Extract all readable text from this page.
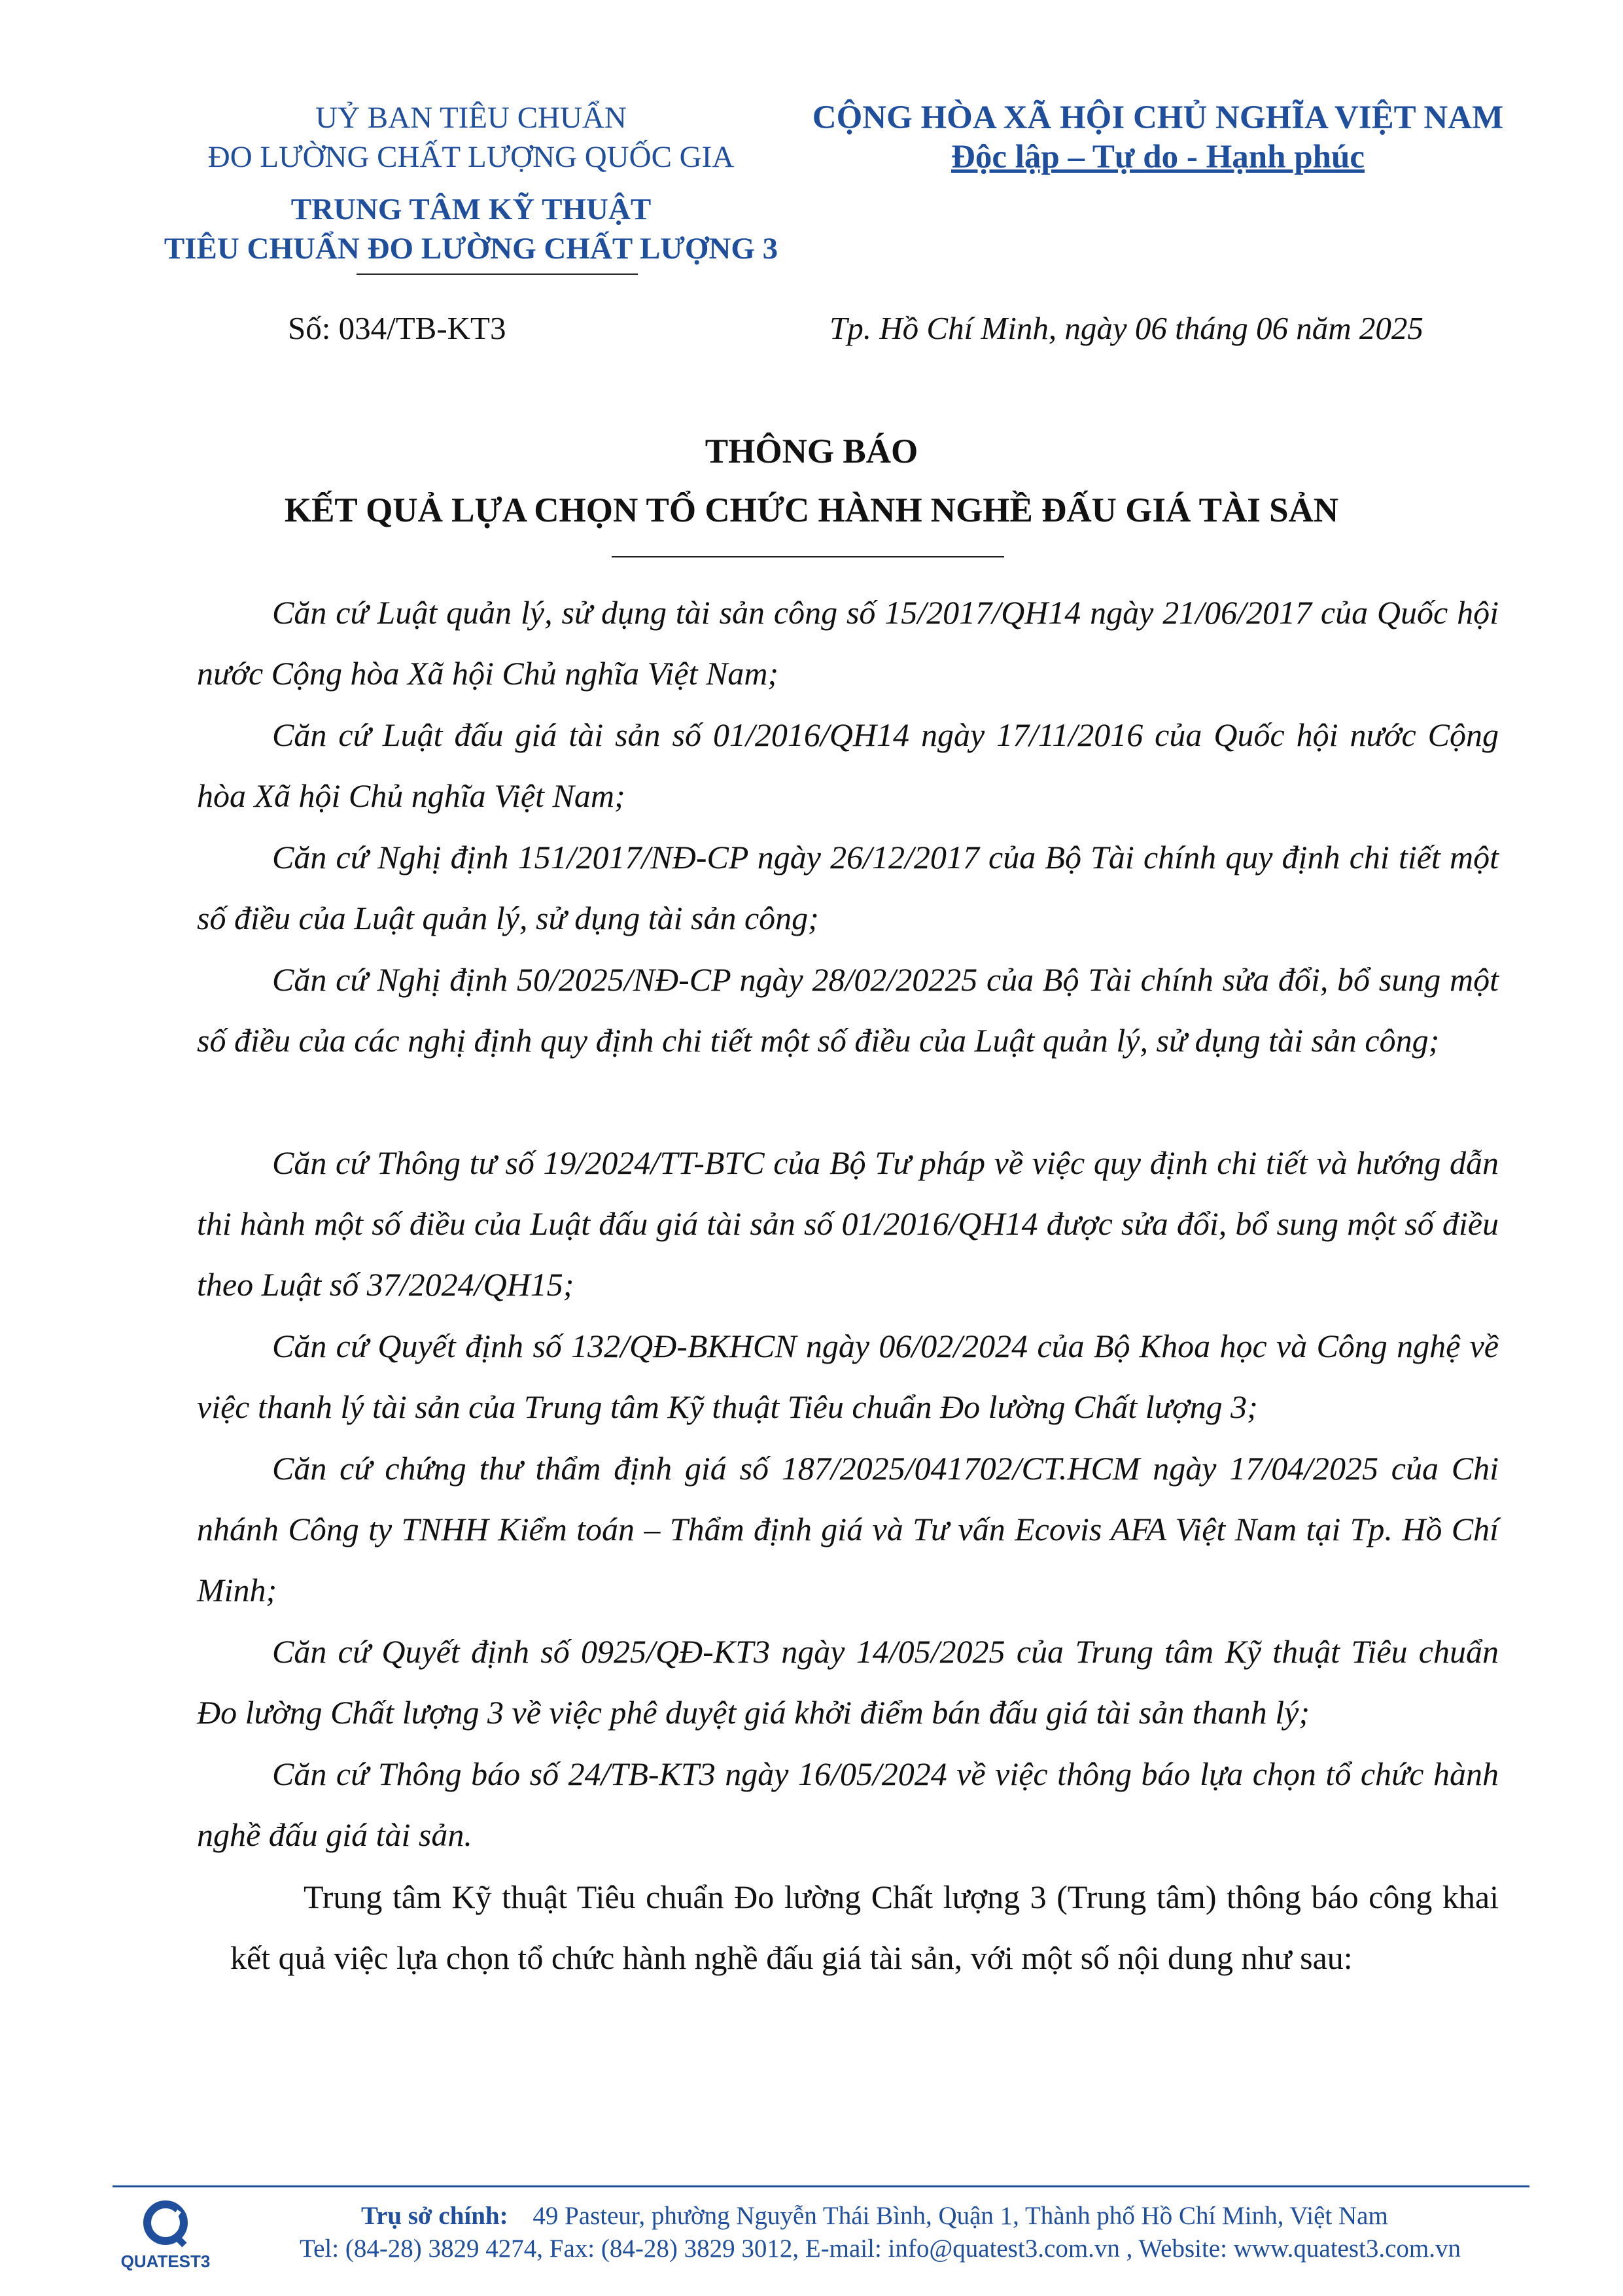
UỶ BAN TIÊU CHUẨN
ĐO LƯỜNG CHẤT LƯỢNG QUỐC GIA
TRUNG TÂM KỸ THUẬT
TIÊU CHUẨN ĐO LƯỜNG CHẤT LƯỢNG 3
CỘNG HÒA XÃ HỘI CHỦ NGHĨA VIỆT NAM
Độc lập – Tự do - Hạnh phúc
Số: 034/TB-KT3	Tp. Hồ Chí Minh, ngày 06 tháng 06 năm 2025
THÔNG BÁO
KẾT QUẢ LỰA CHỌN TỔ CHỨC HÀNH NGHỀ ĐẤU GIÁ TÀI SẢN

Căn cứ Luật quản lý, sử dụng tài sản công số 15/2017/QH14 ngày 21/06/2017 của Quốc hội nước Cộng hòa Xã hội Chủ nghĩa Việt Nam;

Căn cứ Luật đấu giá tài sản số 01/2016/QH14 ngày 17/11/2016 của Quốc hội nước Cộng hòa Xã hội Chủ nghĩa Việt Nam;

Căn cứ Nghị định 151/2017/NĐ-CP ngày 26/12/2017 của Bộ Tài chính quy định chi tiết một số điều của Luật quản lý, sử dụng tài sản công;

Căn cứ Nghị định 50/2025/NĐ-CP ngày 28/02/20225 của Bộ Tài chính sửa đổi, bổ sung một số điều của các nghị định quy định chi tiết một số điều của Luật quản lý, sử dụng tài sản công;

Căn cứ Thông tư số 19/2024/TT-BTC của Bộ Tư pháp về việc quy định chi tiết và hướng dẫn thi hành một số điều của Luật đấu giá tài sản số 01/2016/QH14 được sửa đổi, bổ sung một số điều theo Luật số 37/2024/QH15;

Căn cứ Quyết định số 132/QĐ-BKHCN ngày 06/02/2024 của Bộ Khoa học và Công nghệ về việc thanh lý tài sản của Trung tâm Kỹ thuật Tiêu chuẩn Đo lường Chất lượng 3;

Căn cứ chứng thư thẩm định giá số 187/2025/041702/CT.HCM ngày 17/04/2025 của Chi nhánh Công ty TNHH Kiểm toán – Thẩm định giá và Tư vấn Ecovis AFA Việt Nam tại Tp. Hồ Chí Minh;

Căn cứ Quyết định số 0925/QĐ-KT3 ngày 14/05/2025 của Trung tâm Kỹ thuật Tiêu chuẩn Đo lường Chất lượng 3 về việc phê duyệt giá khởi điểm bán đấu giá tài sản thanh lý;

Căn cứ Thông báo số 24/TB-KT3 ngày 16/05/2024 về việc thông báo lựa chọn tổ chức hành nghề đấu giá tài sản.

Trung tâm Kỹ thuật Tiêu chuẩn Đo lường Chất lượng 3 (Trung tâm) thông báo công khai kết quả việc lựa chọn tổ chức hành nghề đấu giá tài sản, với một số nội dung như sau:

QUATEST3
Trụ sở chính: 49 Pasteur, phường Nguyễn Thái Bình, Quận 1, Thành phố Hồ Chí Minh, Việt Nam
Tel: (84-28) 3829 4274, Fax: (84-28) 3829 3012, E-mail: info@quatest3.com.vn , Website: www.quatest3.com.vn
